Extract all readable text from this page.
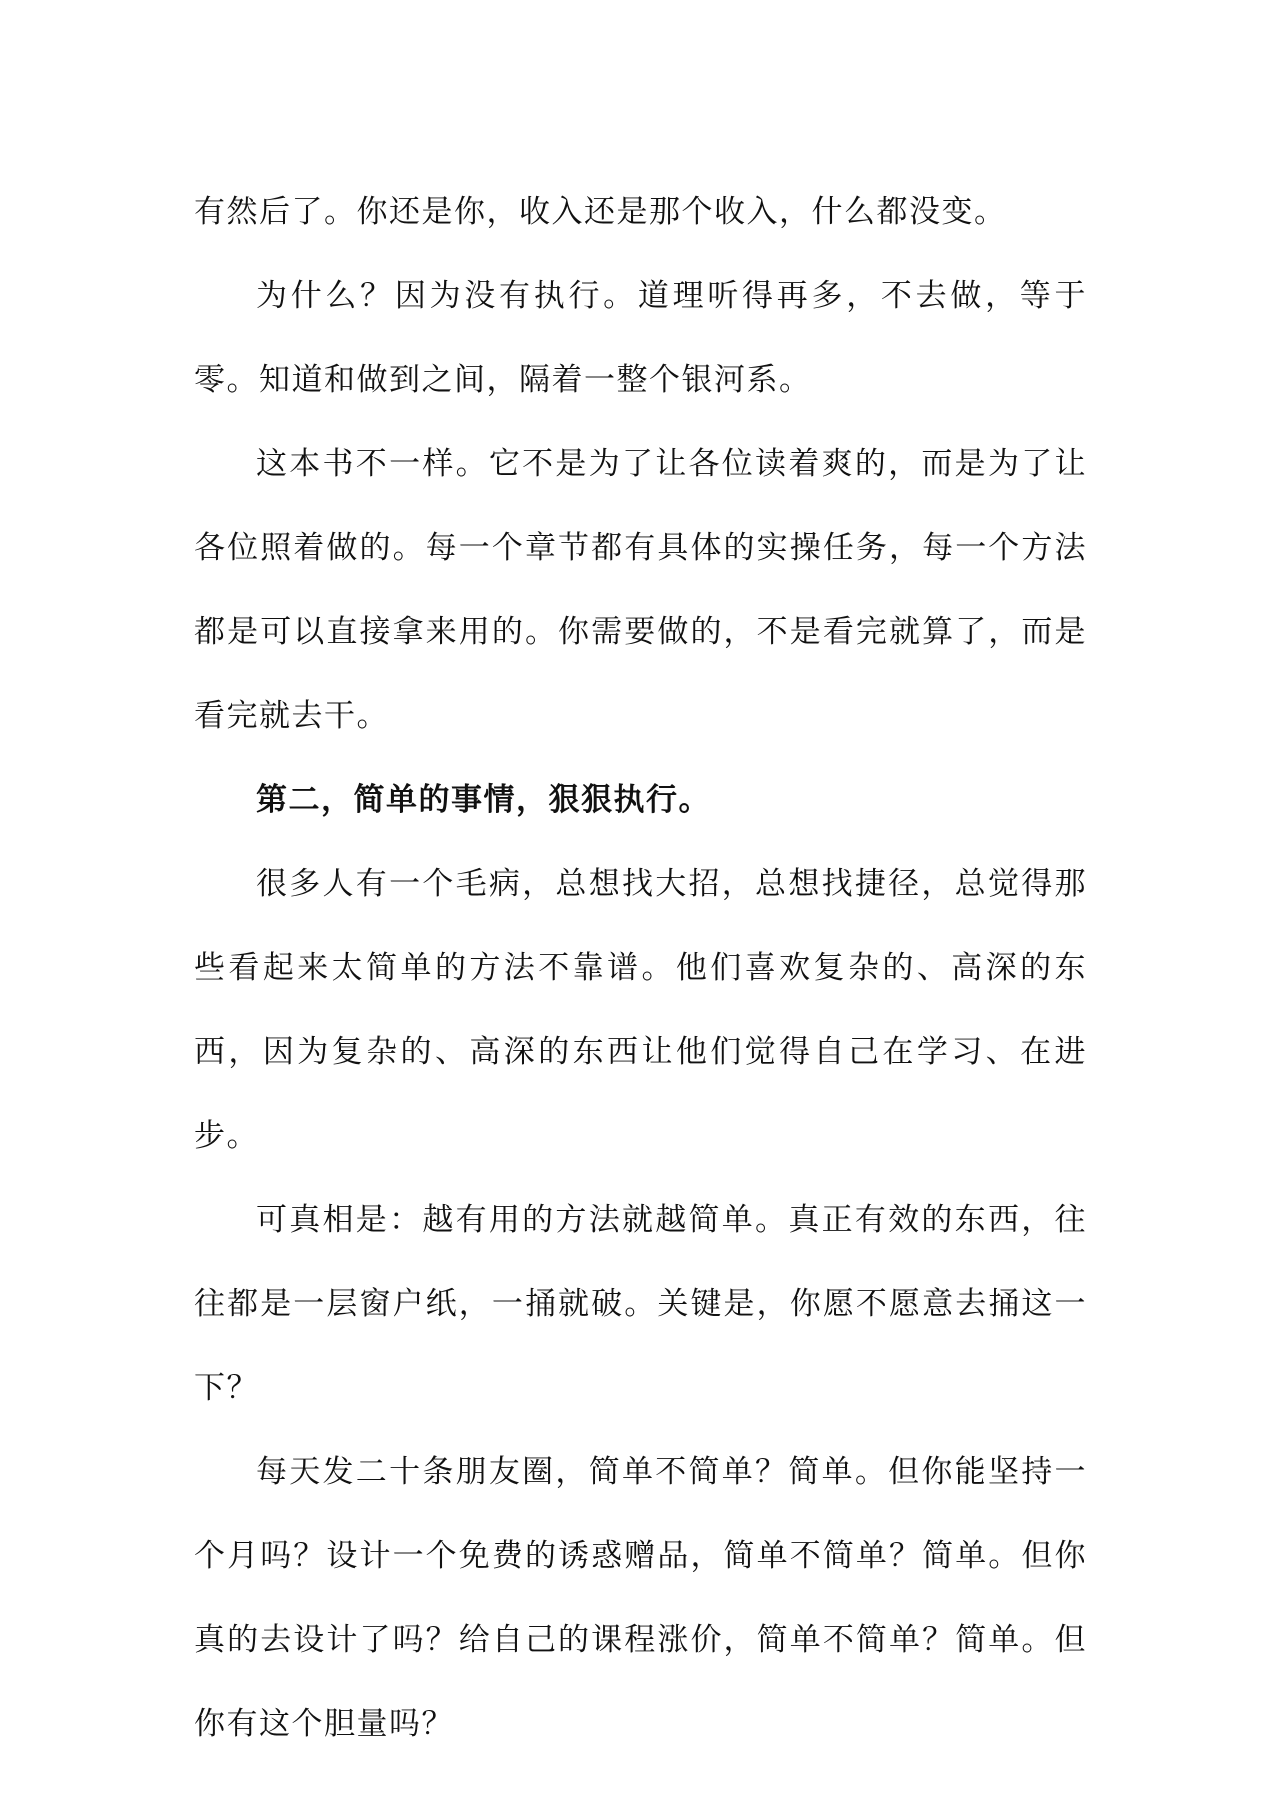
有然后了。你还是你，收入还是那个收入，什么都没变。

为什么？因为没有执行。道理听得再多，不去做，等于零。知道和做到之间，隔着一整个银河系。

这本书不一样。它不是为了让各位读着爽的，而是为了让各位照着做的。每一个章节都有具体的实操任务，每一个方法都是可以直接拿来用的。你需要做的，不是看完就算了，而是看完就去干。

第二，简单的事情，狠狠执行。

很多人有一个毛病，总想找大招，总想找捷径，总觉得那些看起来太简单的方法不靠谱。他们喜欢复杂的、高深的东西，因为复杂的、高深的东西让他们觉得自己在学习、在进步。

可真相是：越有用的方法就越简单。真正有效的东西，往往都是一层窗户纸，一捅就破。关键是，你愿不愿意去捅这一下？

每天发二十条朋友圈，简单不简单？简单。但你能坚持一个月吗？设计一个免费的诱惑赠品，简单不简单？简单。但你真的去设计了吗？给自己的课程涨价，简单不简单？简单。但你有这个胆量吗？
